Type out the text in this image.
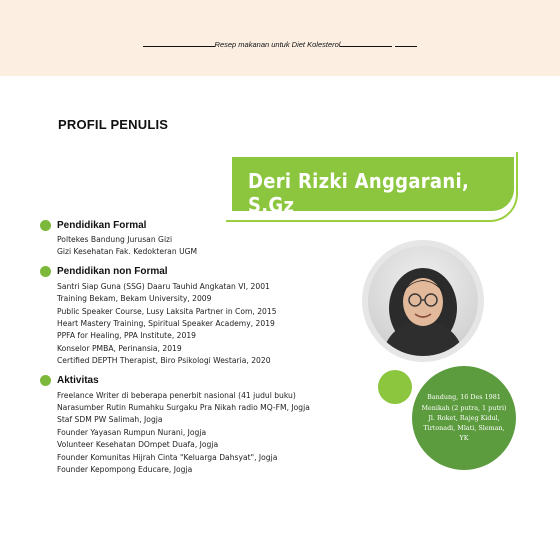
Resep makanan untuk Diet Kolesterol
PROFIL PENULIS
Deri Rizki Anggarani, S.Gz
Pendidikan Formal
Poltekes Bandung Jurusan Gizi
Gizi Kesehatan Fak. Kedokteran UGM
Pendidikan non Formal
Santri Siap Guna (SSG) Daaru Tauhid Angkatan VI, 2001
Training Bekam, Bekam University, 2009
Public Speaker Course, Lusy Laksita Partner in Com, 2015
Heart Mastery Training, Spiritual Speaker Academy, 2019
PPFA for Healing, PPA Institute, 2019
Konselor PMBA, Perinansia, 2019
Certified DEPTH Therapist, Biro Psikologi Westaria, 2020
Aktivitas
Freelance Writer di beberapa penerbit nasional (41 judul buku)
Narasumber Rutin Rumahku Surgaku Pra Nikah radio MQ-FM, Jogja
Staf SDM PW Salimah, Jogja
Founder Yayasan Rumpun Nurani, Jogja
Volunteer Kesehatan DOmpet Duafa, Jogja
Founder Komunitas Hijrah Cinta "Keluarga Dahsyat", Jogja
Founder Kepompong Educare, Jogja
Bandung, 16 Des 1981
Menikah (2 putra, 1 putri)
Jl. Roket, Rajeg Kidul,
Tirtonadi, Mlati, Sleman,
YK
